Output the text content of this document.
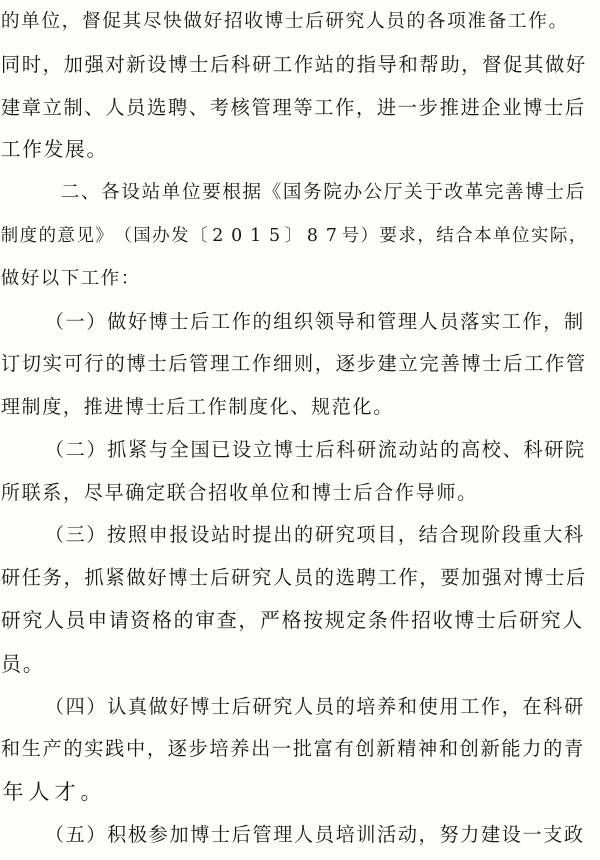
的 单 位 ， 督 促 其 尽 快 做 好 招 收 博 士 后 研 究 人 员 的 各 项 准 备 工 作 。
同 时 ， 加 强 对 新 设 博 士 后 科 研 工 作 站 的 指 导 和 帮 助 ， 督 促 其 做 好
建 章 立 制 、 人 员 选 聘 、 考 核 管 理 等 工 作 ， 进 一 步 推 进 企 业 博 士 后
工 作 发 展 。
二 、 各 设 站 单 位 要 根 据 《 国 务 院 办 公 厅 关 于 改 革 完 善 博 士 后
制 度 的 意 见 》 （ 国 办 发 〔 2 0 1 5 〕 8 7 号 ） 要 求 ， 结 合 本 单 位 实 际 ，
做 好 以 下 工 作 ：
（ 一 ） 做 好 博 士 后 工 作 的 组 织 领 导 和 管 理 人 员 落 实 工 作 ， 制
订 切 实 可 行 的 博 士 后 管 理 工 作 细 则 ， 逐 步 建 立 完 善 博 士 后 工 作 管
理 制 度 ， 推 进 博 士 后 工 作 制 度 化 、 规 范 化 。
（ 二 ） 抓 紧 与 全 国 已 设 立 博 士 后 科 研 流 动 站 的 高 校 、 科 研 院
所 联 系 ， 尽 早 确 定 联 合 招 收 单 位 和 博 士 后 合 作 导 师 。
（ 三 ） 按 照 申 报 设 站 时 提 出 的 研 究 项 目 ， 结 合 现 阶 段 重 大 科
研 任 务 ， 抓 紧 做 好 博 士 后 研 究 人 员 的 选 聘 工 作 ， 要 加 强 对 博 士 后
研 究 人 员 申 请 资 格 的 审 查 ， 严 格 按 规 定 条 件 招 收 博 士 后 研 究 人
员 。
（ 四 ） 认 真 做 好 博 士 后 研 究 人 员 的 培 养 和 使 用 工 作 ， 在 科 研
和 生 产 的 实 践 中 ， 逐 步 培 养 出 一 批 富 有 创 新 精 神 和 创 新 能 力 的 青
年 人 才 。
（ 五 ） 积 极 参 加 博 士 后 管 理 人 员 培 训 活 动 ， 努 力 建 设 一 支 政
